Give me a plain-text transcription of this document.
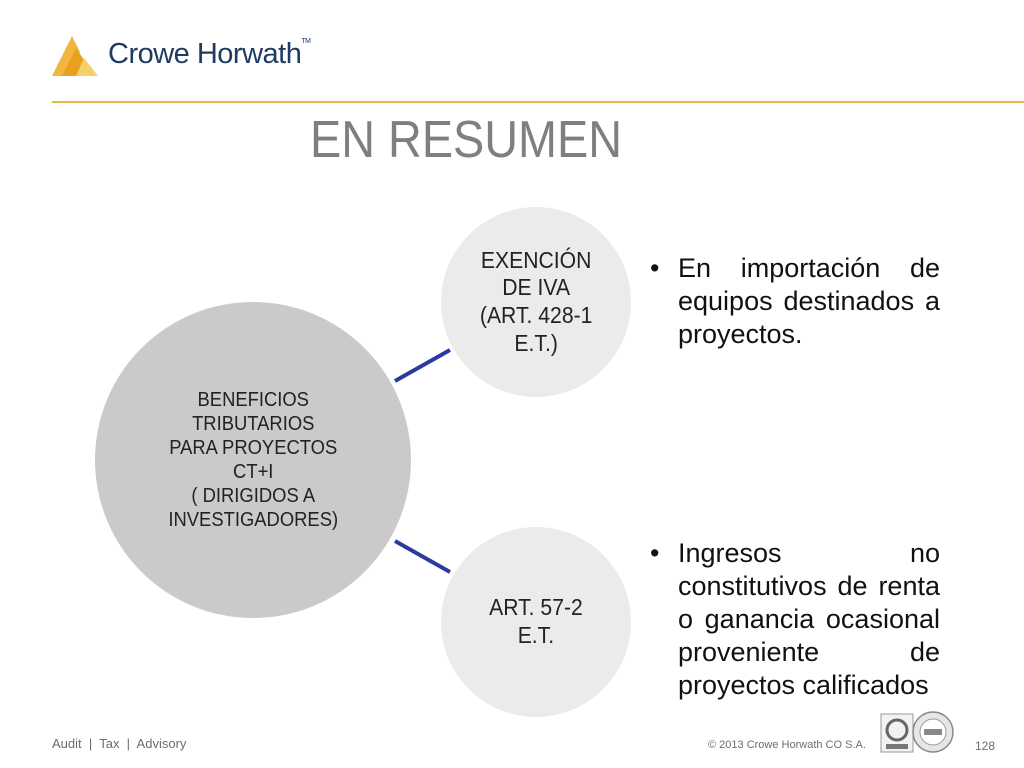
Crowe Horwath™
EN RESUMEN
BENEFICIOS
TRIBUTARIOS
PARA PROYECTOS
CT+I
( DIRIGIDOS A
INVESTIGADORES)
EXENCIÓN
DE IVA
(ART. 428-1
E.T.)
ART. 57-2
E.T.
• En importación de equipos destinados a proyectos.
• Ingresos no constitutivos de renta o ganancia ocasional proveniente de proyectos calificados
Audit  |  Tax  |  Advisory	© 2013 Crowe Horwath CO S.A.	128
